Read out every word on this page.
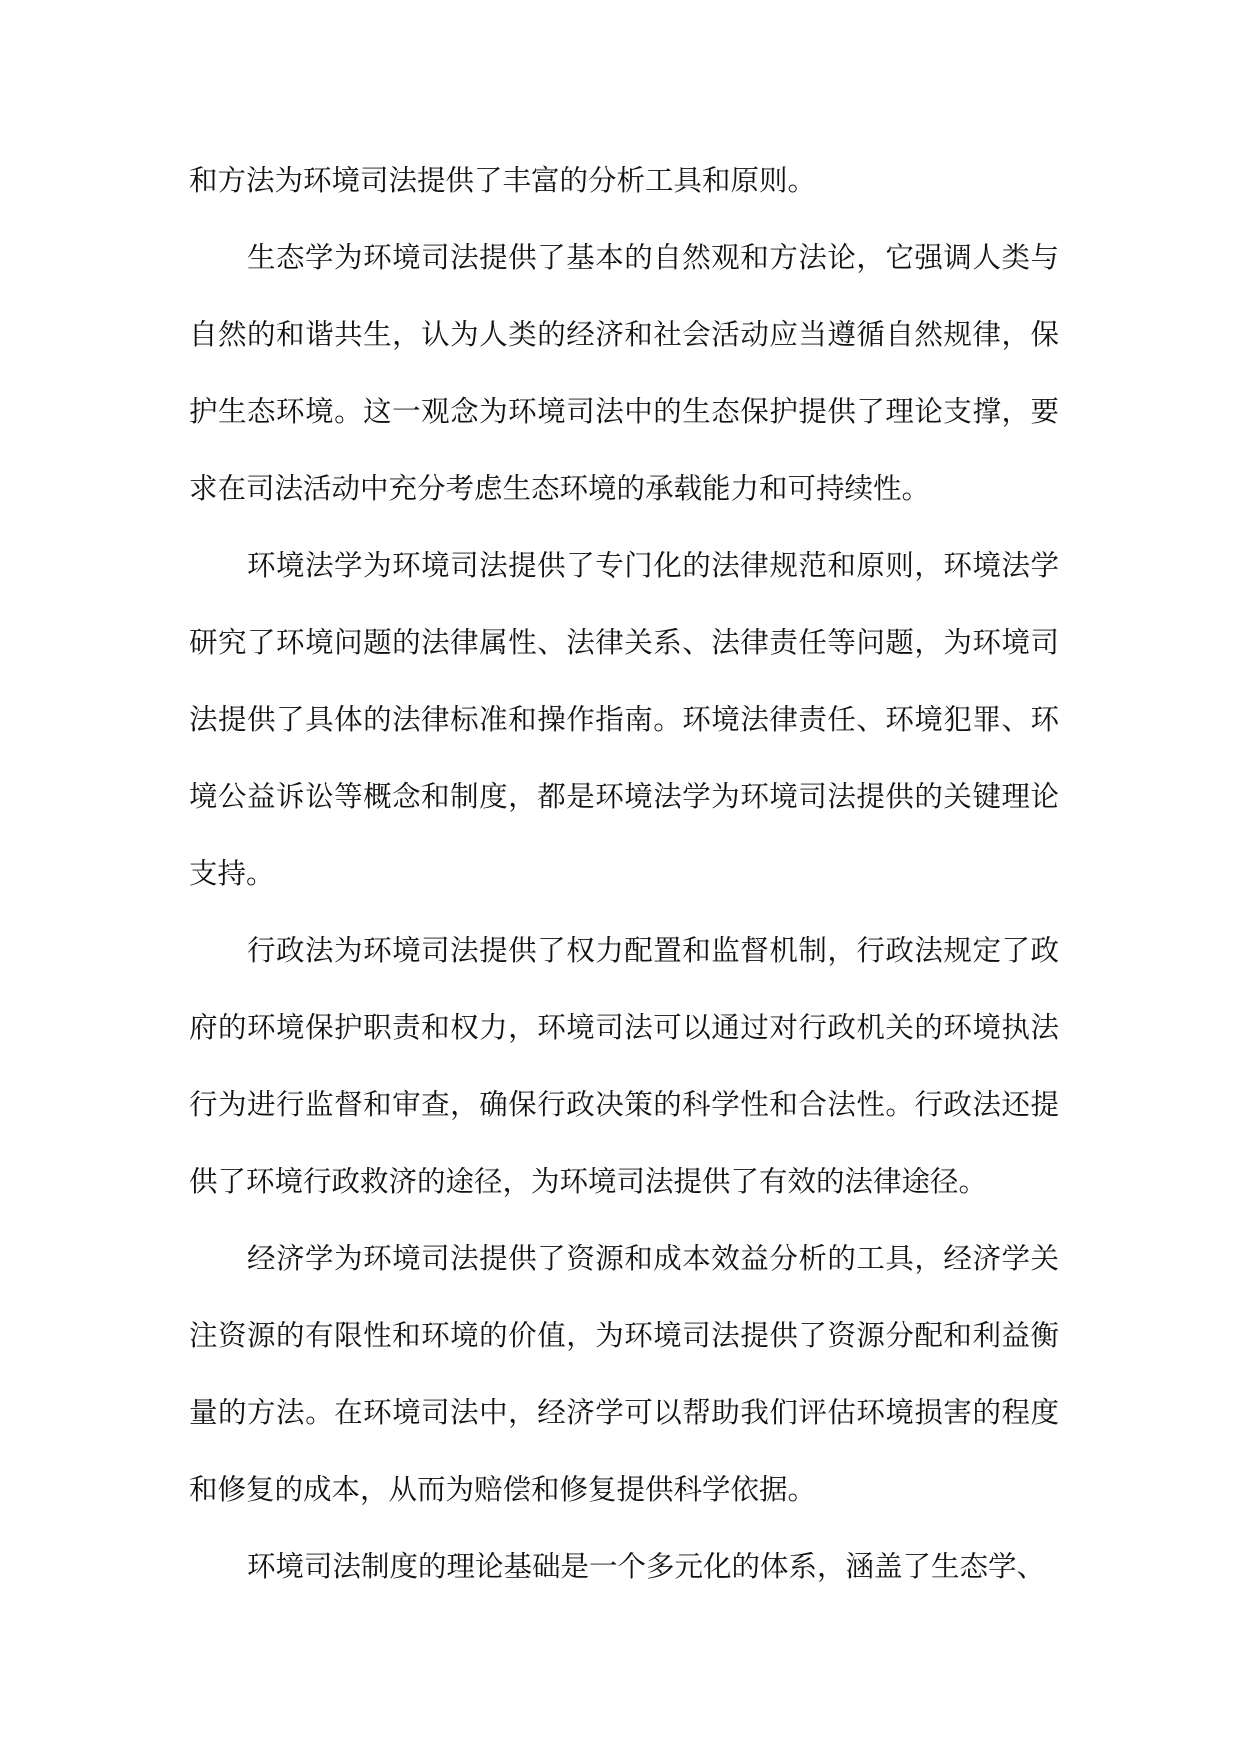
和方法为环境司法提供了丰富的分析工具和原则。

生态学为环境司法提供了基本的自然观和方法论，它强调人类与自然的和谐共生，认为人类的经济和社会活动应当遵循自然规律，保护生态环境。这一观念为环境司法中的生态保护提供了理论支撑，要求在司法活动中充分考虑生态环境的承载能力和可持续性。

环境法学为环境司法提供了专门化的法律规范和原则，环境法学研究了环境问题的法律属性、法律关系、法律责任等问题，为环境司法提供了具体的法律标准和操作指南。环境法律责任、环境犯罪、环境公益诉讼等概念和制度，都是环境法学为环境司法提供的关键理论支持。

行政法为环境司法提供了权力配置和监督机制，行政法规定了政府的环境保护职责和权力，环境司法可以通过对行政机关的环境执法行为进行监督和审查，确保行政决策的科学性和合法性。行政法还提供了环境行政救济的途径，为环境司法提供了有效的法律途径。

经济学为环境司法提供了资源和成本效益分析的工具，经济学关注资源的有限性和环境的价值，为环境司法提供了资源分配和利益衡量的方法。在环境司法中，经济学可以帮助我们评估环境损害的程度和修复的成本，从而为赔偿和修复提供科学依据。

环境司法制度的理论基础是一个多元化的体系，涵盖了生态学、
